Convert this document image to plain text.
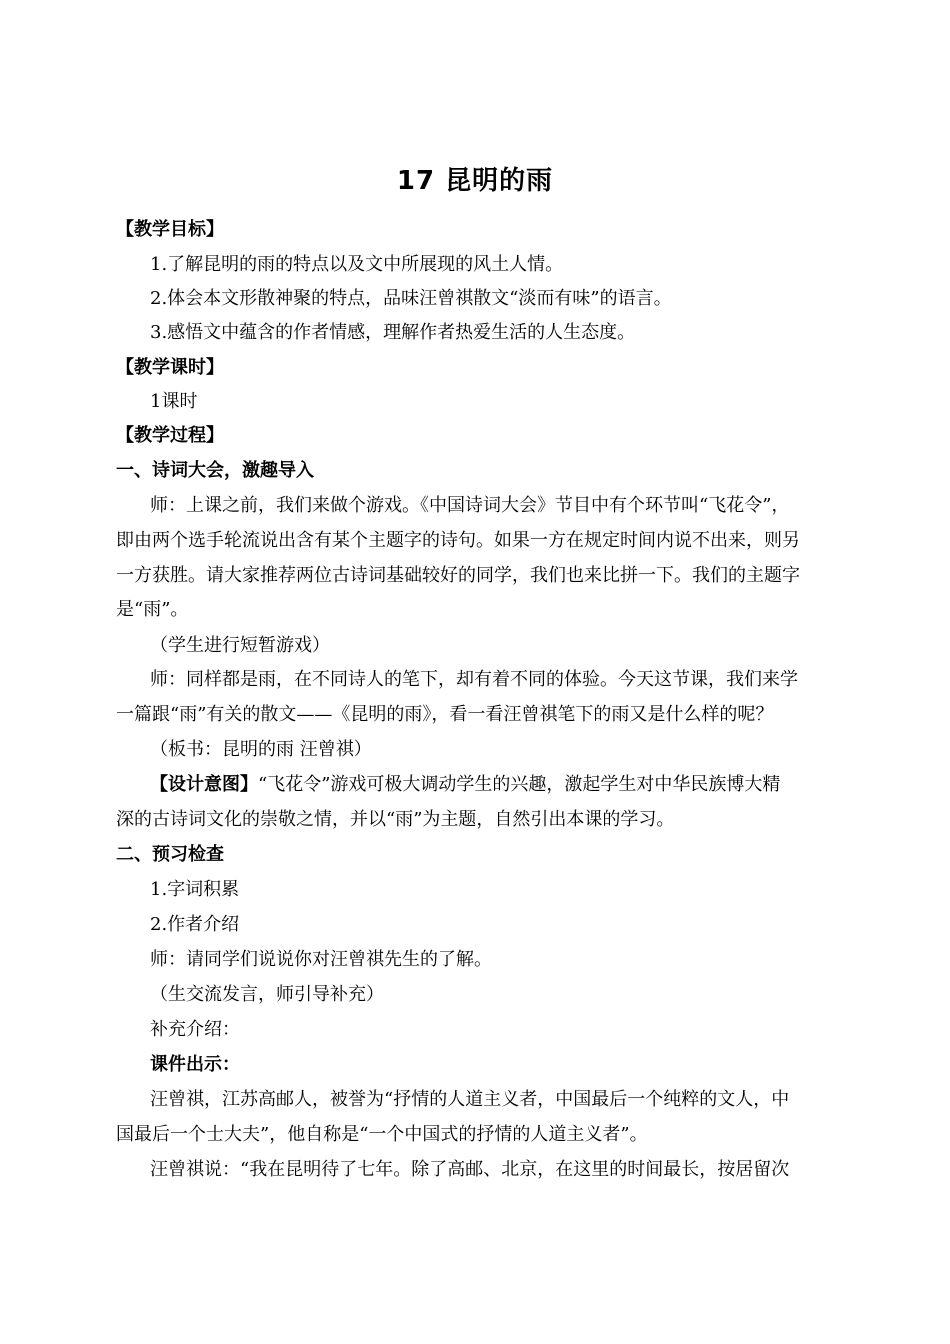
17 昆明的雨
【教学目标】
1.了解昆明的雨的特点以及文中所展现的风土人情。
2.体会本文形散神聚的特点，品味汪曾祺散文“淡而有味”的语言。
3.感悟文中蕴含的作者情感，理解作者热爱生活的人生态度。
【教学课时】
1课时
【教学过程】
一、诗词大会，激趣导入
师：上课之前，我们来做个游戏。《中国诗词大会》节目中有个环节叫“飞花令”，
即由两个选手轮流说出含有某个主题字的诗句。如果一方在规定时间内说不出来，则另
一方获胜。请大家推荐两位古诗词基础较好的同学，我们也来比拼一下。我们的主题字
是“雨”。
（学生进行短暂游戏）
师：同样都是雨，在不同诗人的笔下，却有着不同的体验。今天这节课，我们来学
一篇跟“雨”有关的散文——《昆明的雨》，看一看汪曾祺笔下的雨又是什么样的呢？
（板书：昆明的雨 汪曾祺）
【设计意图】“飞花令”游戏可极大调动学生的兴趣，激起学生对中华民族博大精
深的古诗词文化的崇敬之情，并以“雨”为主题，自然引出本课的学习。
二、预习检查
1.字词积累
2.作者介绍
师：请同学们说说你对汪曾祺先生的了解。
（生交流发言，师引导补充）
补充介绍：
课件出示：
汪曾祺，江苏高邮人，被誉为“抒情的人道主义者，中国最后一个纯粹的文人，中
国最后一个士大夫”，他自称是“一个中国式的抒情的人道主义者”。
汪曾祺说：“我在昆明待了七年。除了高邮、北京，在这里的时间最长，按居留次
